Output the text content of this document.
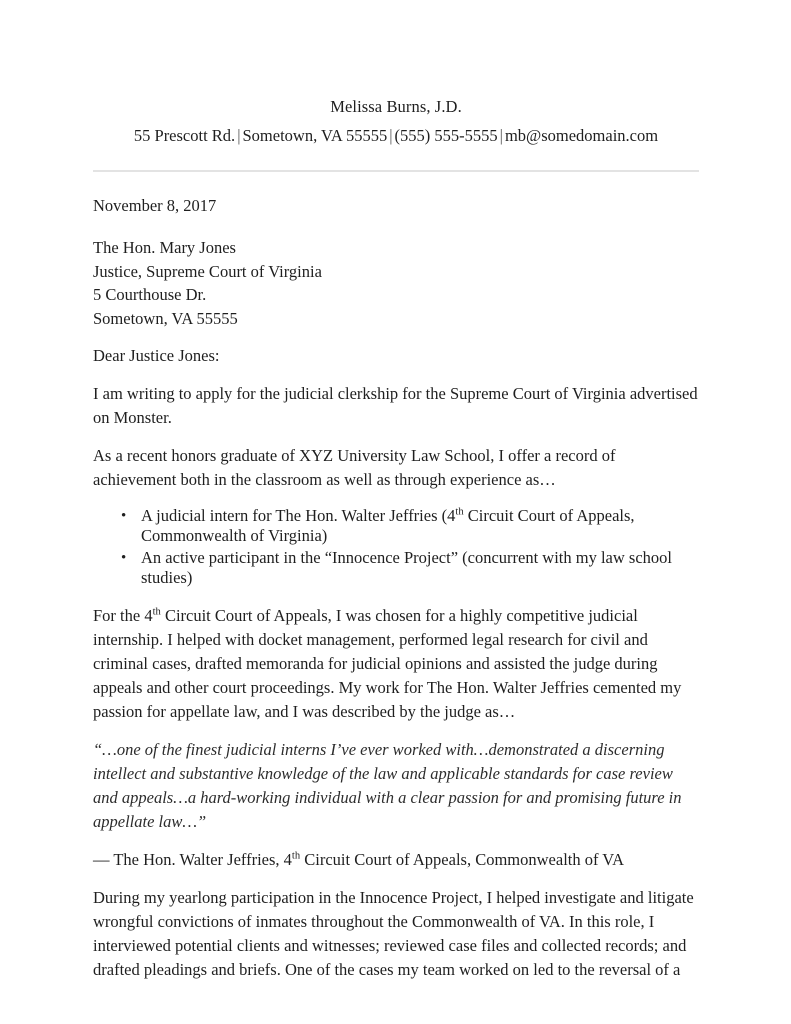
Melissa Burns, J.D.
55 Prescott Rd. | Sometown, VA 55555 | (555) 555-5555 | mb@somedomain.com
November 8, 2017
The Hon. Mary Jones
Justice, Supreme Court of Virginia
5 Courthouse Dr.
Sometown, VA 55555

Dear Justice Jones:

I am writing to apply for the judicial clerkship for the Supreme Court of Virginia advertised on Monster.

As a recent honors graduate of XYZ University Law School, I offer a record of achievement both in the classroom as well as through experience as…

• A judicial intern for The Hon. Walter Jeffries (4th Circuit Court of Appeals, Commonwealth of Virginia)
• An active participant in the “Innocence Project” (concurrent with my law school studies)

For the 4th Circuit Court of Appeals, I was chosen for a highly competitive judicial internship. I helped with docket management, performed legal research for civil and criminal cases, drafted memoranda for judicial opinions and assisted the judge during appeals and other court proceedings. My work for The Hon. Walter Jeffries cemented my passion for appellate law, and I was described by the judge as…

“…one of the finest judicial interns I’ve ever worked with…demonstrated a discerning intellect and substantive knowledge of the law and applicable standards for case review and appeals…a hard-working individual with a clear passion for and promising future in appellate law…”

— The Hon. Walter Jeffries, 4th Circuit Court of Appeals, Commonwealth of VA

During my yearlong participation in the Innocence Project, I helped investigate and litigate wrongful convictions of inmates throughout the Commonwealth of VA. In this role, I interviewed potential clients and witnesses; reviewed case files and collected records; and drafted pleadings and briefs. One of the cases my team worked on led to the reversal of a
